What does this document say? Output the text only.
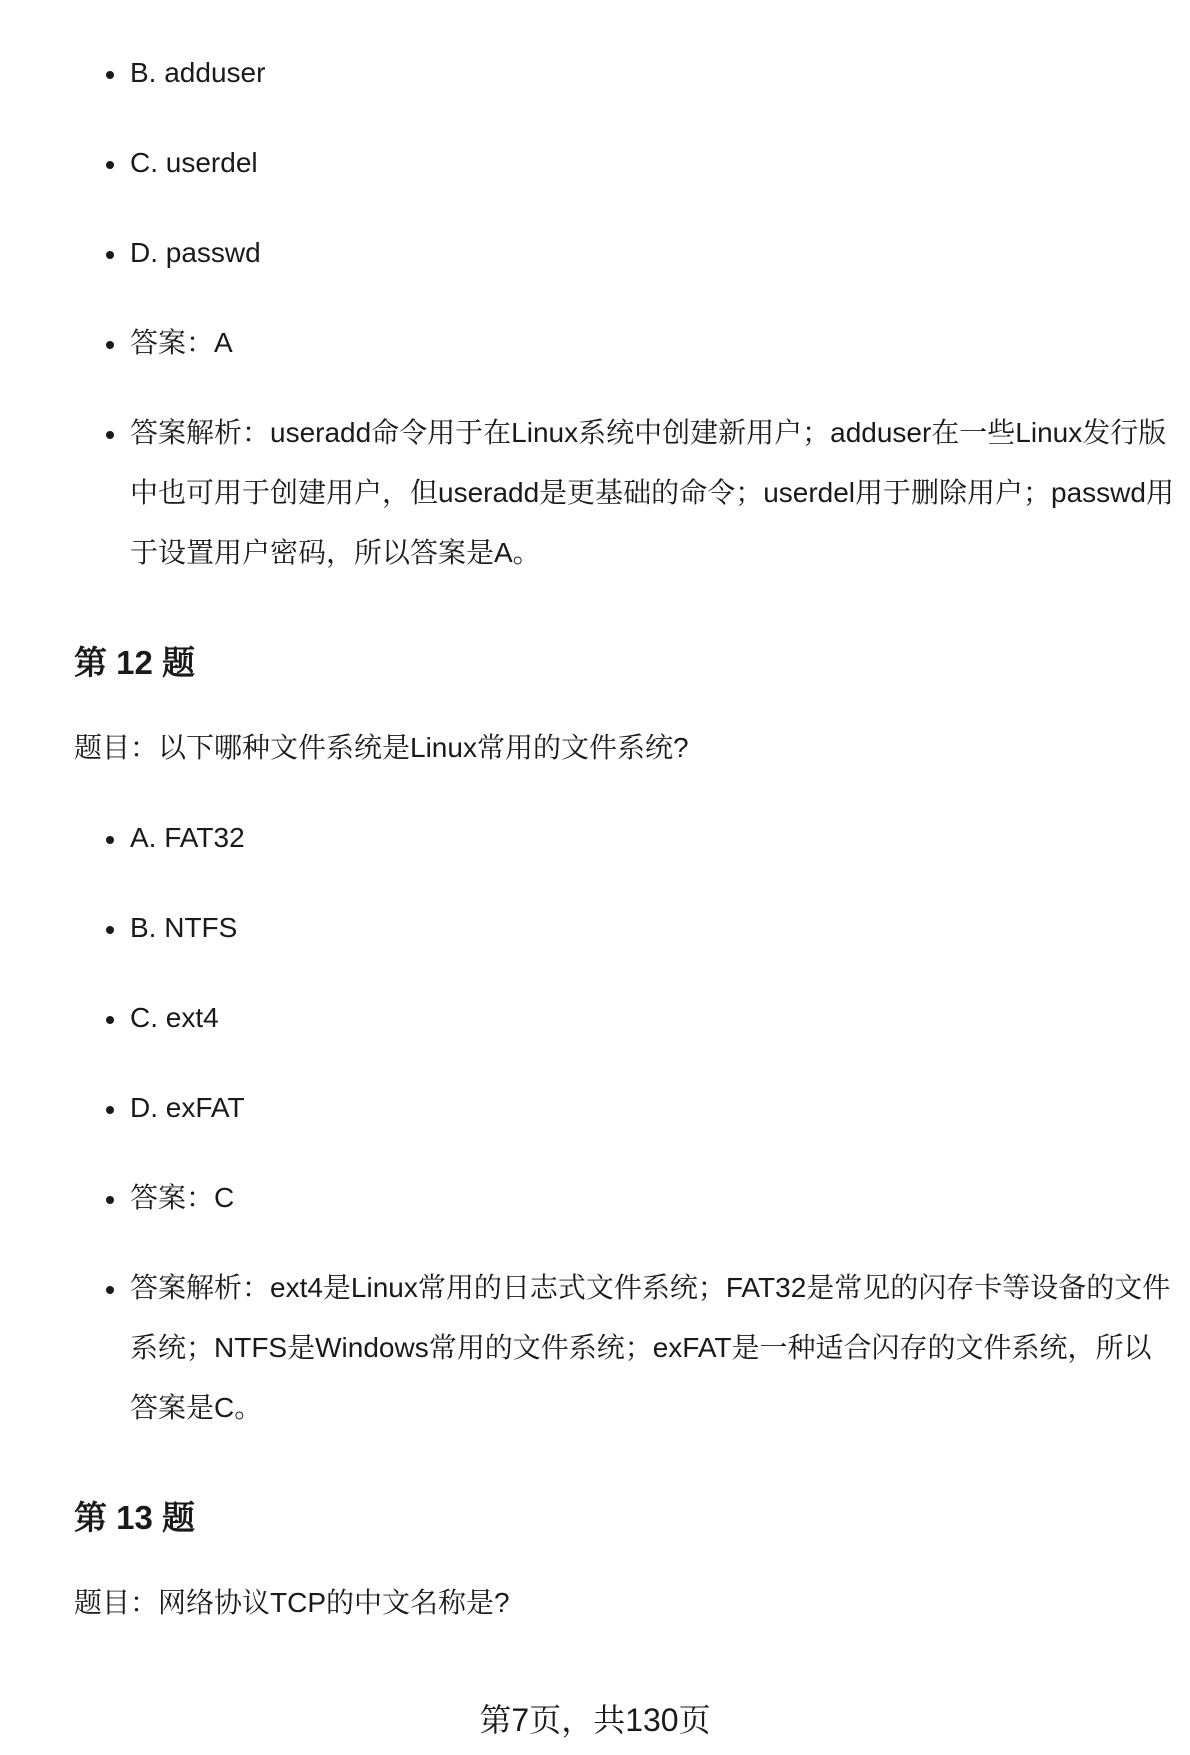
B. adduser
C. userdel
D. passwd
答案：A
答案解析：useradd命令用于在Linux系统中创建新用户；adduser在一些Linux发行版中也可用于创建用户，但useradd是更基础的命令；userdel用于删除用户；passwd用于设置用户密码，所以答案是A。
第 12 题
题目：以下哪种文件系统是Linux常用的文件系统?
A. FAT32
B. NTFS
C. ext4
D. exFAT
答案：C
答案解析：ext4是Linux常用的日志式文件系统；FAT32是常见的闪存卡等设备的文件系统；NTFS是Windows常用的文件系统；exFAT是一种适合闪存的文件系统，所以答案是C。
第 13 题
题目：网络协议TCP的中文名称是?
第7页，共130页
